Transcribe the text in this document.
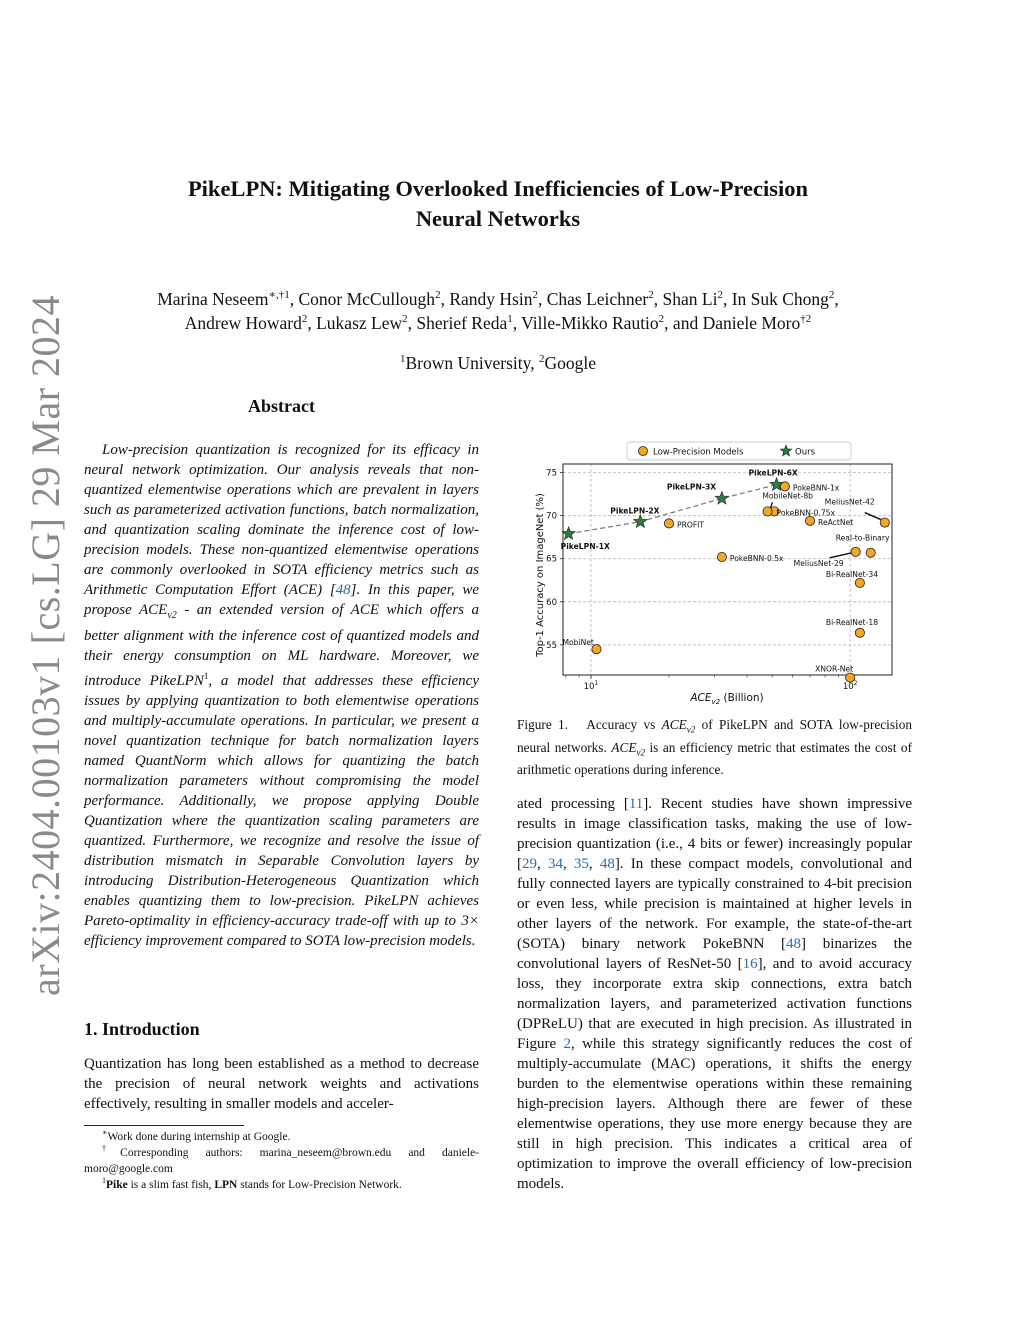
arXiv:2404.00103v1 [cs.LG] 29 Mar 2024
PikeLPN: Mitigating Overlooked Inefficiencies of Low-Precision
Neural Networks
Marina Neseem$^{∗,\dagger 1}$, Conor McCullough$^2$, Randy Hsin$^2$, Chas Leichner$^2$, Shan Li$^2$, In Suk Chong$^2$,
Andrew Howard$^2$, Lukasz Lew$^2$, Sherief Reda$^1$, Ville-Mikko Rautio$^2$, and Daniele Moro$^{\dagger 2}$
$^1$Brown University, $^2$Google
Abstract

Low-precision quantization is recognized for its efficacy in neural network optimization. Our analysis reveals that non-quantized elementwise operations which are prevalent in layers such as parameterized activation functions, batch normalization, and quantization scaling dominate the inference cost of low-precision models. These non-quantized elementwise operations are commonly overlooked in SOTA efficiency metrics such as Arithmetic Computation Effort (ACE) [48]. In this paper, we propose $ACE_{v2}$ - an extended version of ACE which offers a better alignment with the inference cost of quantized models and their energy consumption on ML hardware. Moreover, we introduce PikeLPN$^1$, a model that addresses these efficiency issues by applying quantization to both elementwise operations and multiply-accumulate operations. In particular, we present a novel quantization technique for batch normalization layers named QuantNorm which allows for quantizing the batch normalization parameters without compromising the model performance. Additionally, we propose applying Double Quantization where the quantization scaling parameters are quantized. Furthermore, we recognize and resolve the issue of distribution mismatch in Separable Convolution layers by introducing Distribution-Heterogeneous Quantization which enables quantizing them to low-precision. PikeLPN achieves Pareto-optimality in efficiency-accuracy trade-off with up to 3× efficiency improvement compared to SOTA low-precision models.

1. Introduction

Quantization has long been established as a method to decrease the precision of neural network weights and activations effectively, resulting in smaller models and acceler-

∗Work done during internship at Google.
†Corresponding authors: marina_neseem@brown.edu and daniele-moro@google.com
$^1$Pike is a slim fast fish, LPN stands for Low-Precision Network.
Low-Precision Models	Ours
55
60
65
70
75
$10^1$	$10^2$
PokeBNN-1x
MobileNet-8b
PokeBNN-0.75x
ReActNet
MeliusNet-42
Real-to-Binary
MeliusNet-29
PROFIT
PokeBNN-0.5x
Bi-RealNet-34
Bi-RealNet-18
MobiNet
XNOR-Net
PikeLPN-1X
PikeLPN-2X
PikeLPN-3X
PikeLPN-6X
Top-1 Accuracy on ImageNet (%)
$ACE_{v2}$ (Billion)
Figure 1. Accuracy vs $ACE_{v2}$ of PikeLPN and SOTA low-precision neural networks. $ACE_{v2}$ is an efficiency metric that estimates the cost of arithmetic operations during inference.

ated processing [11]. Recent studies have shown impressive results in image classification tasks, making the use of low-precision quantization (i.e., 4 bits or fewer) increasingly popular [29, 34, 35, 48]. In these compact models, convolutional and fully connected layers are typically constrained to 4-bit precision or even less, while precision is maintained at higher levels in other layers of the network. For example, the state-of-the-art (SOTA) binary network PokeBNN [48] binarizes the convolutional layers of ResNet-50 [16], and to avoid accuracy loss, they incorporate extra skip connections, extra batch normalization layers, and parameterized activation functions (DPReLU) that are executed in high precision. As illustrated in Figure 2, while this strategy significantly reduces the cost of multiply-accumulate (MAC) operations, it shifts the energy burden to the elementwise operations within these remaining high-precision layers. Although there are fewer of these elementwise operations, they use more energy because they are still in high precision. This indicates a critical area of optimization to improve the overall efficiency of low-precision models.
